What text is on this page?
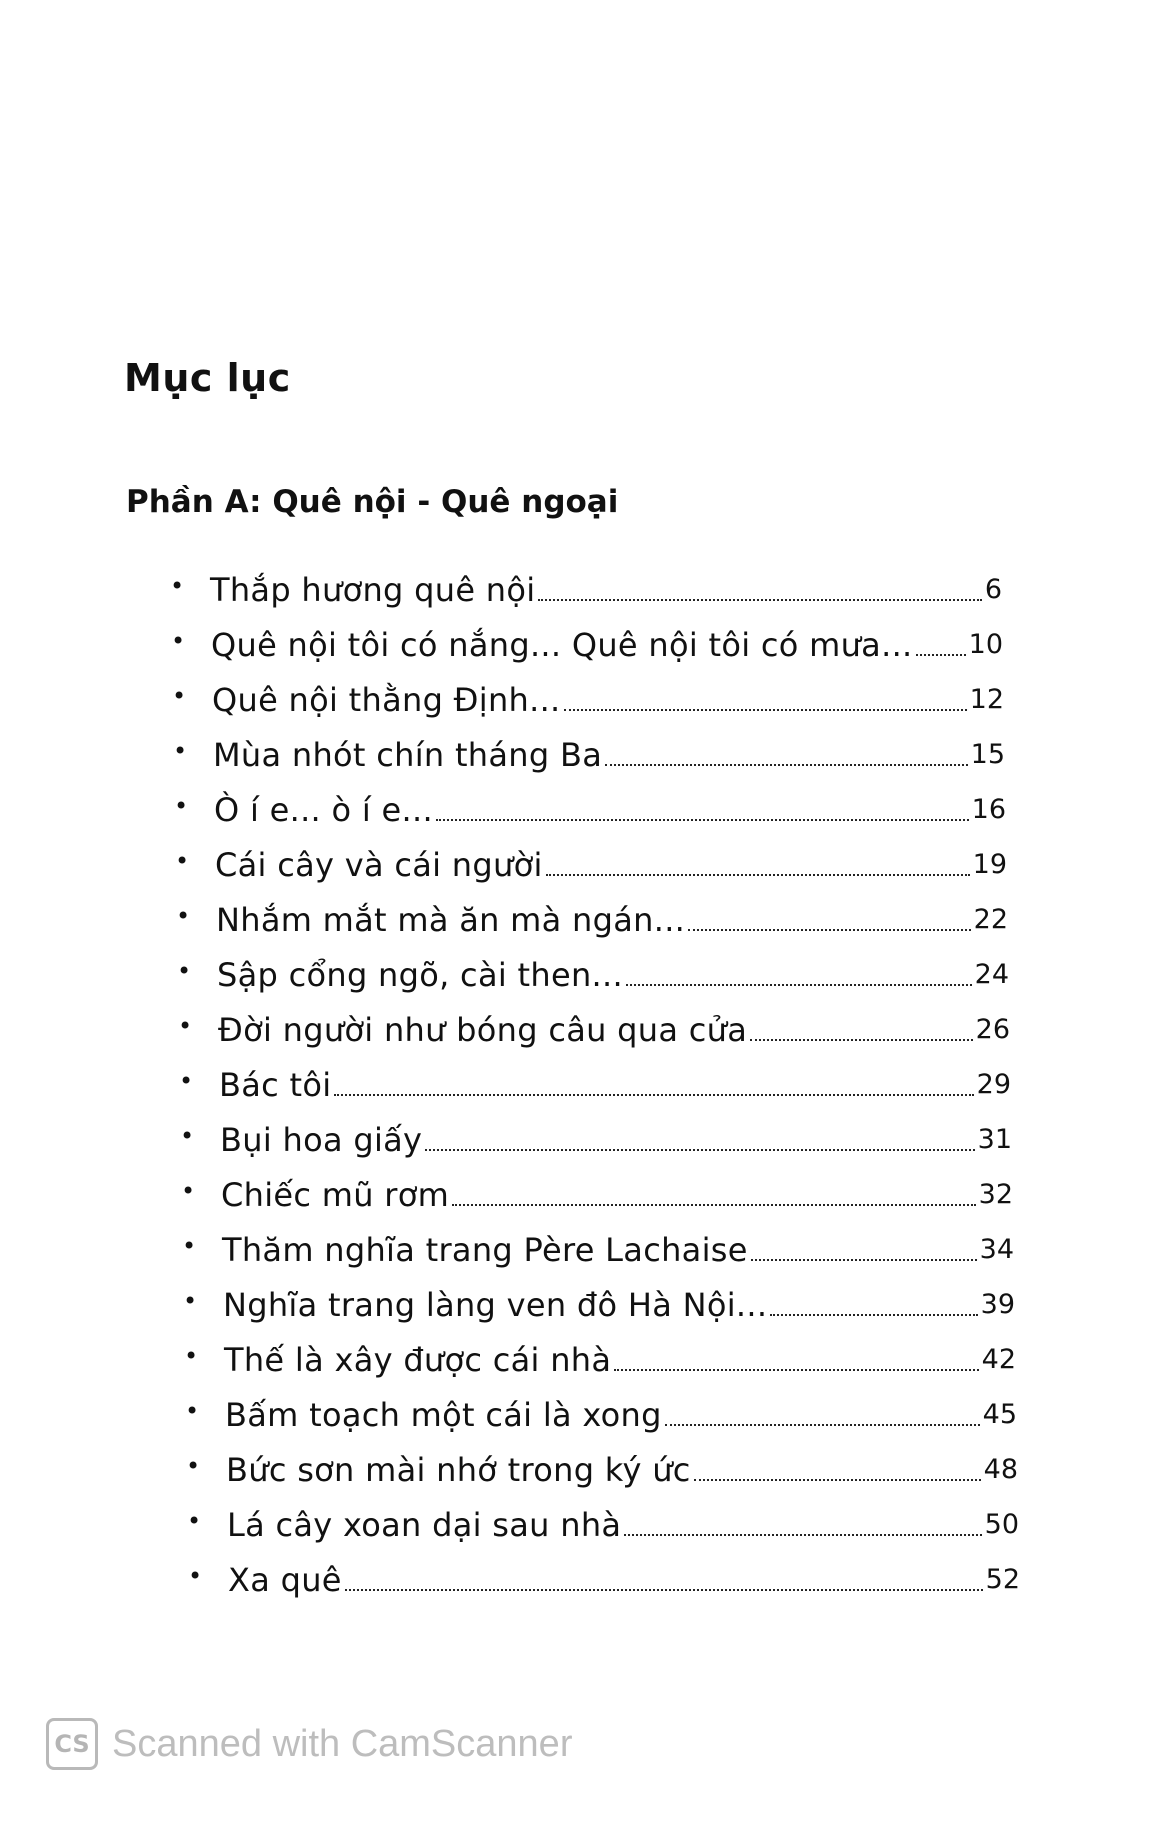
Mục lục
Phần A: Quê nội - Quê ngoại
• Thắp hương quê nội	6
• Quê nội tôi có nắng... Quê nội tôi có mưa... 10
• Quê nội thằng Định...	12
• Mùa nhót chín tháng Ba	15
• Ò í e... ò í e...	16
• Cái cây và cái người	19
• Nhắm mắt mà ăn mà ngán...	22
• Sập cổng ngõ, cài then...	24
• Đời người như bóng câu qua cửa	26
• Bác tôi	29
• Bụi hoa giấy	31
• Chiếc mũ rơm	32
• Thăm nghĩa trang Père Lachaise	34
• Nghĩa trang làng ven đô Hà Nội...	39
• Thế là xây được cái nhà	42
• Bấm toạch một cái là xong	45
• Bức sơn mài nhớ trong ký ức	48
• Lá cây xoan dại sau nhà	50
• Xa quê	52
CS Scanned with CamScanner
